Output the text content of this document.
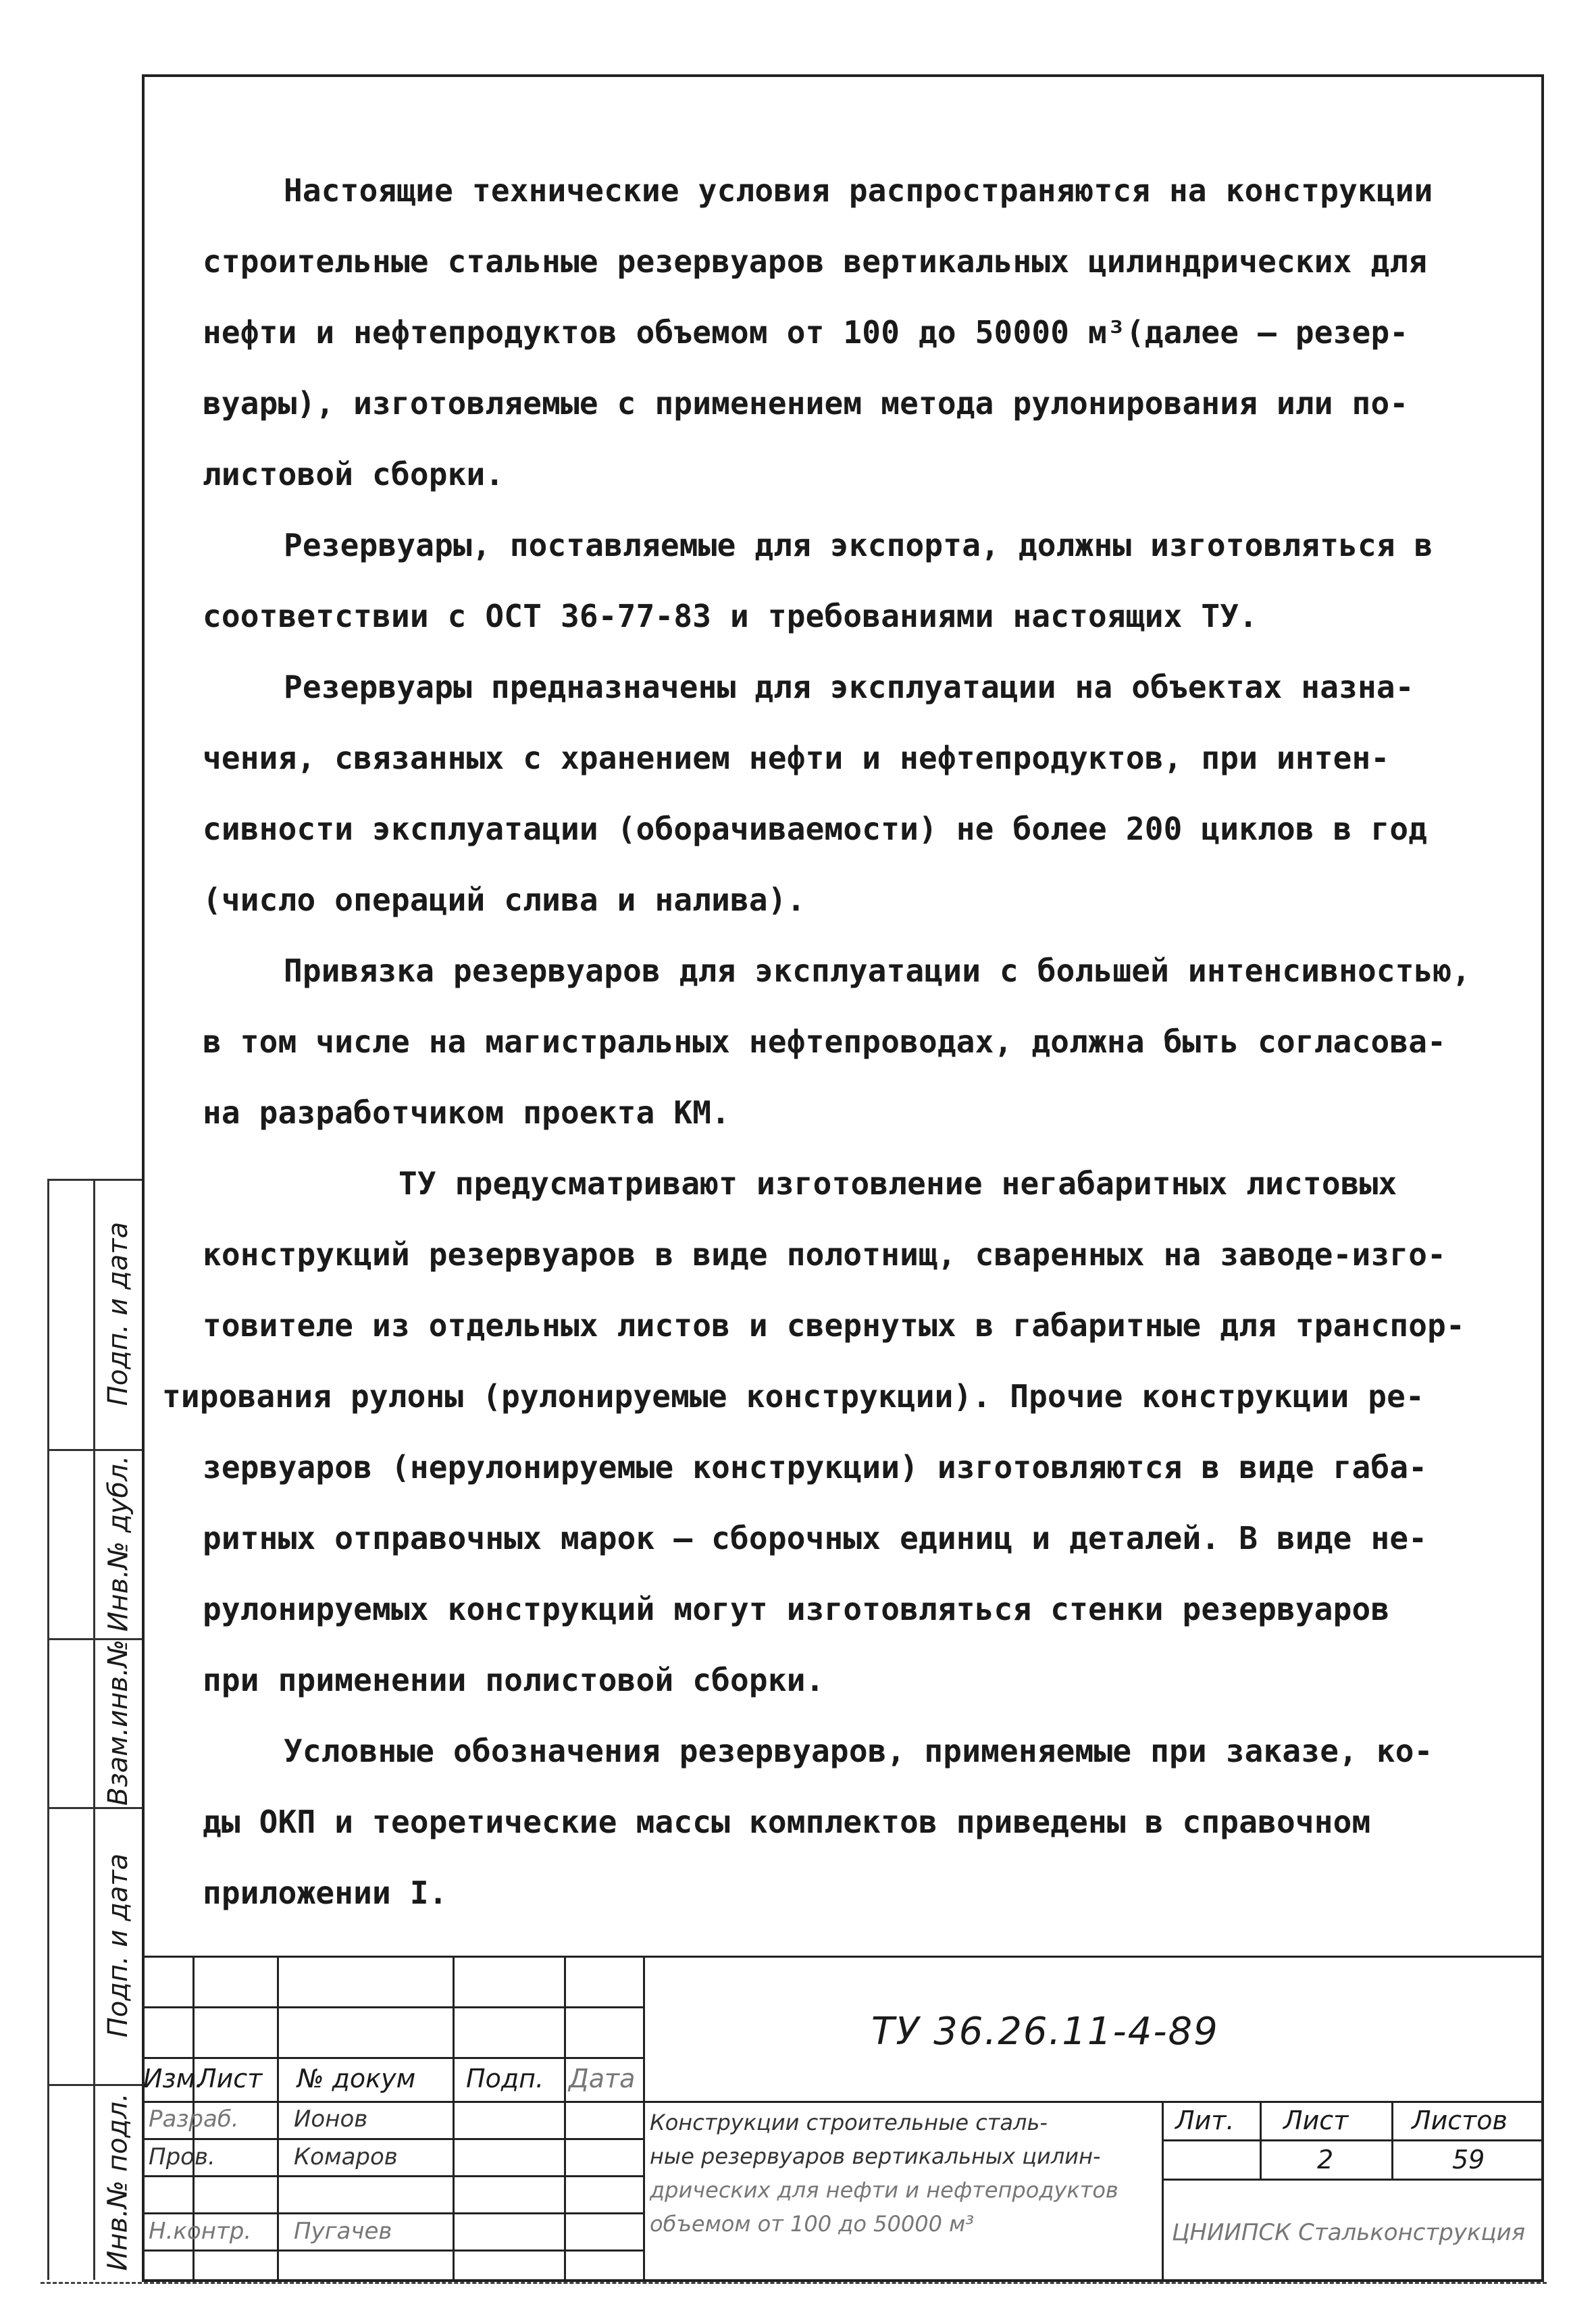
Настоящие технические условия распространяются на конструкции
строительные стальные резервуаров вертикальных цилиндрических для
нефти и нефтепродуктов объемом от 100 до 50000 м³(далее – резер-
вуары), изготовляемые с применением метода рулонирования или по-
листовой сборки.

Резервуары, поставляемые для экспорта, должны изготовляться в
соответствии с ОСТ 36-77-83 и требованиями настоящих ТУ.

Резервуары предназначены для эксплуатации на объектах назна-
чения, связанных с хранением нефти и нефтепродуктов, при интен-
сивности эксплуатации (оборачиваемости) не более 200 циклов в год
(число операций слива и налива).

Привязка резервуаров для эксплуатации с большей интенсивностью,
в том числе на магистральных нефтепроводах, должна быть согласова-
на разработчиком проекта КМ.

ТУ предусматривают изготовление негабаритных листовых
конструкций резервуаров в виде полотнищ, сваренных на заводе-изго-
товителе из отдельных листов и свернутых в габаритные для транспор-
тирования рулоны (рулонируемые конструкции). Прочие конструкции ре-
зервуаров (нерулонируемые конструкции) изготовляются в виде габа-
ритных отправочных марок – сборочных единиц и деталей. В виде не-
рулонируемых конструкций могут изготовляться стенки резервуаров
при применении полистовой сборки.

Условные обозначения резервуаров, применяемые при заказе, ко-
ды ОКП и теоретические массы комплектов приведены в справочном
приложении I.

Подп. и дата
Инв.№ дубл.
Взам.инв.№
Подп. и дата
Инв.№ подл.
ТУ 36.26.11-4-89
Изм.
Лист № докум Подп. Дата
Разраб. Ионов
Пров.	Комаров
Н.контр. Пугачев
Конструкции строительные сталь-
ные резервуаров вертикальных цилин-
дрических для нефти и нефтепродуктов
объемом от 100 до 50000 м³
Лит. Лист Листов
2	59
ЦНИИПСК Стальконструкция
